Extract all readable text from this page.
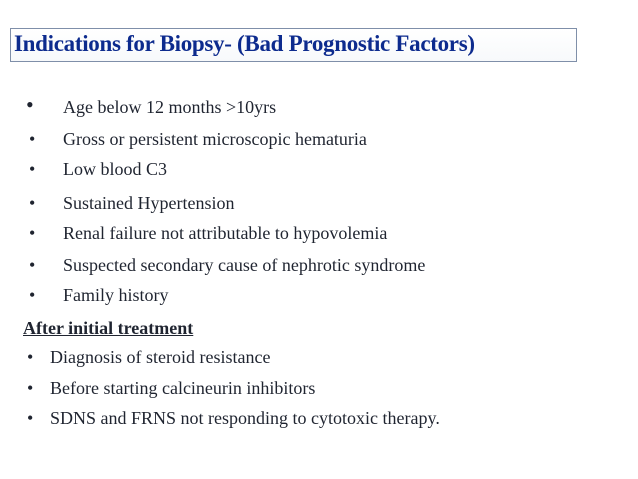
Indications for Biopsy- (Bad Prognostic Factors)
• Age below 12 months >10yrs
• Gross or persistent microscopic hematuria
• Low blood C3
• Sustained Hypertension
• Renal failure not attributable to hypovolemia
• Suspected secondary cause of nephrotic syndrome
• Family history
After initial treatment
• Diagnosis of steroid resistance
• Before starting calcineurin inhibitors
• SDNS and FRNS not responding to cytotoxic therapy.
